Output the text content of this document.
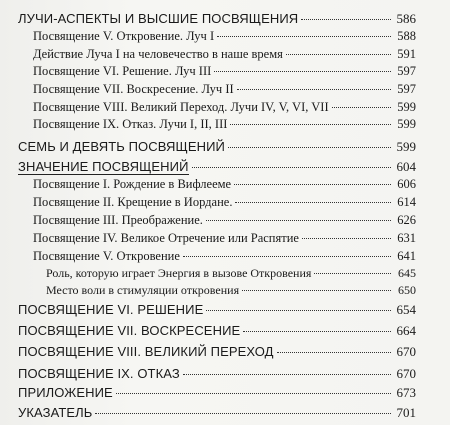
ЛУЧИ-АСПЕКТЫ И ВЫСШИЕ ПОСВЯЩЕНИЯ	586
Посвящение V. Откровение. Луч I	588
Действие Луча I на человечество в наше время	591
Посвящение VI. Решение. Луч III	597
Посвящение VII. Воскресение. Луч II	597
Посвящение VIII. Великий Переход. Лучи IV, V, VI, VII	599
Посвящение IX. Отказ. Лучи I, II, III	599
СЕМЬ И ДЕВЯТЬ ПОСВЯЩЕНИЙ	599
ЗНАЧЕНИЕ ПОСВЯЩЕНИЙ	604
Посвящение I. Рождение в Вифлееме	606
Посвящение II. Крещение в Иордане.	614
Посвящение III. Преображение.	626
Посвящение IV. Великое Отречение или Распятие	631
Посвящение V. Откровение	641
Роль, которую играет Энергия в вызове Откровения	645
Место воли в стимуляции откровения	650
ПОСВЯЩЕНИЕ VI. РЕШЕНИЕ	654
ПОСВЯЩЕНИЕ VII. ВОСКРЕСЕНИЕ	664
ПОСВЯЩЕНИЕ VIII. ВЕЛИКИЙ ПЕРЕХОД	670
ПОСВЯЩЕНИЕ IX. ОТКАЗ	670
ПРИЛОЖЕНИЕ	673
УКАЗАТЕЛЬ	701
